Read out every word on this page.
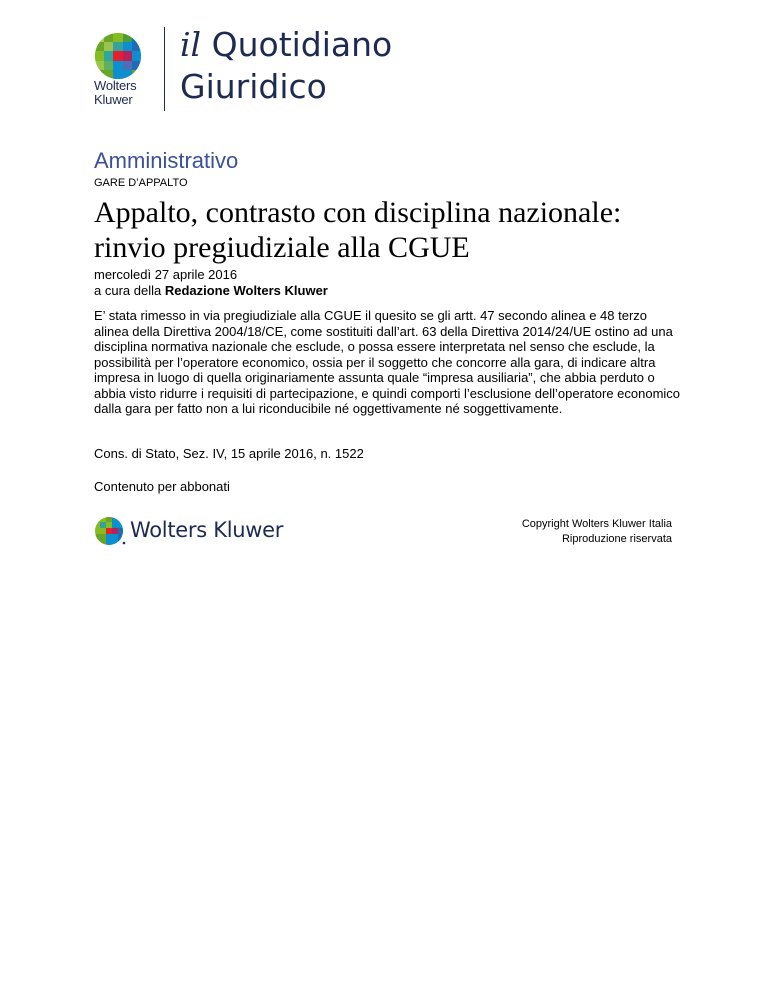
Wolters
Kluwer
il Quotidiano
Giuridico
Amministrativo
GARE D’APPALTO
Appalto, contrasto con disciplina nazionale: rinvio pregiudiziale alla CGUE
mercoledì 27 aprile 2016
a cura della Redazione Wolters Kluwer

E’ stata rimesso in via pregiudiziale alla CGUE il quesito se gli artt. 47 secondo alinea e 48 terzo alinea della Direttiva 2004/18/CE, come sostituiti dall’art. 63 della Direttiva 2014/24/UE ostino ad una disciplina normativa nazionale che esclude, o possa essere interpretata nel senso che esclude, la possibilità per l’operatore economico, ossia per il soggetto che concorre alla gara, di indicare altra impresa in luogo di quella originariamente assunta quale “impresa ausiliaria”, che abbia perduto o abbia visto ridurre i requisiti di partecipazione, e quindi comporti l’esclusione dell’operatore economico dalla gara per fatto non a lui riconducibile né oggettivamente né soggettivamente.

Cons. di Stato, Sez. IV, 15 aprile 2016, n. 1522
Contenuto per abbonati
Wolters Kluwer	Copyright Wolters Kluwer Italia
Riproduzione riservata
